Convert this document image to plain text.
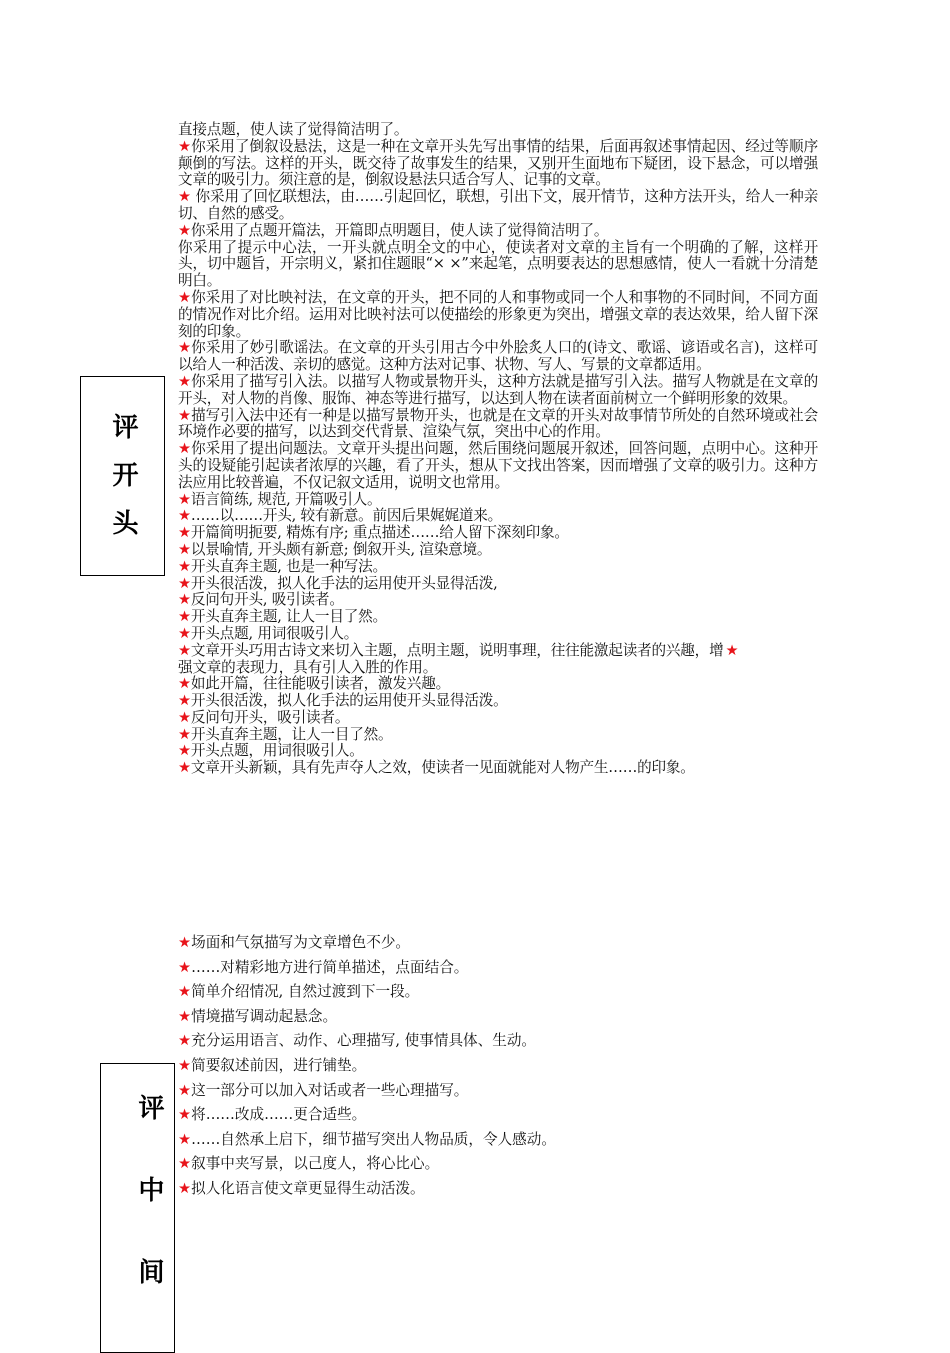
评
开
头

直接点题，使人读了觉得简洁明了。

★你采用了倒叙设悬法，这是一种在文章开头先写出事情的结果，后面再叙述事情起因、经过等顺序颠倒的写法。这样的开头，既交待了故事发生的结果，又别开生面地布下疑团，设下悬念，可以增强文章的吸引力。须注意的是，倒叙设悬法只适合写人、记事的文章。

★ 你采用了回忆联想法，由……引起回忆，联想，引出下文，展开情节，这种方法开头，给人一种亲切、自然的感受。

★你采用了点题开篇法，开篇即点明题目，使人读了觉得简洁明了。

你采用了提示中心法，一开头就点明全文的中心，使读者对文章的主旨有一个明确的了解，这样开头，切中题旨，开宗明义，紧扣住题眼“× ×”来起笔，点明要表达的思想感情，使人一看就十分清楚明白。

★你采用了对比映衬法，在文章的开头，把不同的人和事物或同一个人和事物的不同时间，不同方面的情况作对比介绍。运用对比映衬法可以使描绘的形象更为突出，增强文章的表达效果，给人留下深刻的印象。

★你采用了妙引歌谣法。在文章的开头引用古今中外脍炙人口的(诗文、歌谣、谚语或名言)，这样可以给人一种活泼、亲切的感觉。这种方法对记事、状物、写人、写景的文章都适用。

★你采用了描写引入法。以描写人物或景物开头，这种方法就是描写引入法。描写人物就是在文章的开头，对人物的肖像、服饰、神态等进行描写，以达到人物在读者面前树立一个鲜明形象的效果。

★描写引入法中还有一种是以描写景物开头，也就是在文章的开头对故事情节所处的自然环境或社会环境作必要的描写，以达到交代背景、渲染气氛，突出中心的作用。

★你采用了提出问题法。文章开头提出问题，然后围绕问题展开叙述，回答问题，点明中心。这种开头的设疑能引起读者浓厚的兴趣，看了开头，想从下文找出答案，因而增强了文章的吸引力。这种方法应用比较普遍，不仅记叙文适用，说明文也常用。

★语言简练, 规范, 开篇吸引人。

★……以……开头, 较有新意。前因后果娓娓道来。

★开篇简明扼要, 精炼有序; 重点描述……给人留下深刻印象。

★以景喻情, 开头颇有新意; 倒叙开头, 渲染意境。

★开头直奔主题, 也是一种写法。

★开头很活泼，拟人化手法的运用使开头显得活泼,

★反问句开头, 吸引读者。

★开头直奔主题, 让人一目了然。

★开头点题, 用词很吸引人。

★文章开头巧用古诗文来切入主题，点明主题，说明事理，往往能激起读者的兴趣，增 ★

强文章的表现力，具有引人入胜的作用。

★如此开篇，往往能吸引读者，激发兴趣。

★开头很活泼，拟人化手法的运用使开头显得活泼。

★反问句开头，吸引读者。

★开头直奔主题，让人一目了然。

★开头点题，用词很吸引人。

★文章开头新颖，具有先声夺人之效，使读者一见面就能对人物产生……的印象。

评
中
间

★场面和气氛描写为文章增色不少。

★……对精彩地方进行简单描述，点面结合。

★简单介绍情况, 自然过渡到下一段。

★情境描写调动起悬念。

★充分运用语言、动作、心理描写, 使事情具体、生动。

★简要叙述前因，进行铺垫。

★这一部分可以加入对话或者一些心理描写。

★将……改成……更合适些。

★……自然承上启下，细节描写突出人物品质，令人感动。

★叙事中夹写景，以己度人，将心比心。

★拟人化语言使文章更显得生动活泼。
